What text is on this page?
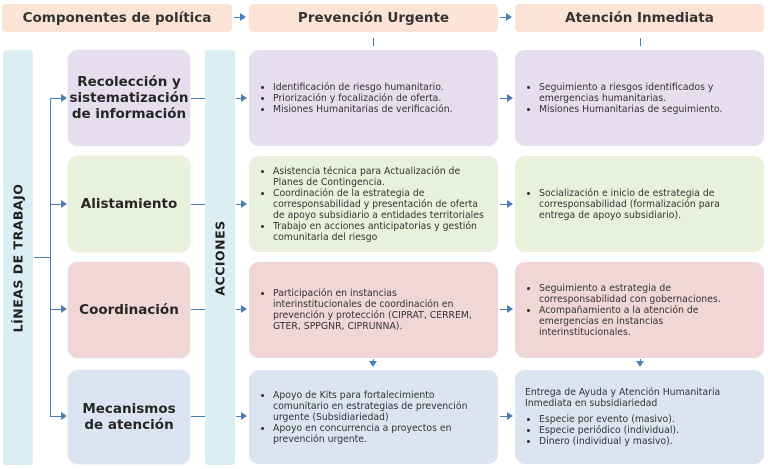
Componentes de política	Prevención Urgente	Atención Inmediata
LÍNEAS DE TRABAJO
Recolección y sistematización de información
Alistamiento
Coordinación
Mecanismos de atención
ACCIONES
• Identificación de riesgo humanitario.
• Priorización y focalización de oferta.
• Misiones Humanitarias de verificación.
• Asistencia técnica para Actualización de Planes de Contingencia.
• Coordinación de la estrategia de corresponsabilidad y presentación de oferta de apoyo subsidiario a entidades territoriales
• Trabajo en acciones anticipatorias y gestión comunitaria del riesgo
• Participación en instancias interinstitucionales de coordinación en prevención y protección (CIPRAT, CERREM, GTER, SPPGNR, CIPRUNNA).
• Apoyo de Kits para fortalecimiento comunitario en estrategias de prevención urgente (Subsidiariedad)
• Apoyo en concurrencia a proyectos en prevención urgente.
• Seguimiento a riesgos identificados y emergencias humanitarias.
• Misiones Humanitarias de seguimiento.
• Socialización e inicio de estrategia de corresponsabilidad (formalización para entrega de apoyo subsidiario).
• Seguimiento a estrategia de corresponsabilidad con gobernaciones.
• Acompañamiento a la atención de emergencias en instancias interinstitucionales.

Entrega de Ayuda y Atención Humanitaria Inmediata en subsidiariedad

• Especie por evento (masivo).
• Especie periódico (individual).
• Dinero (individual y masivo).
